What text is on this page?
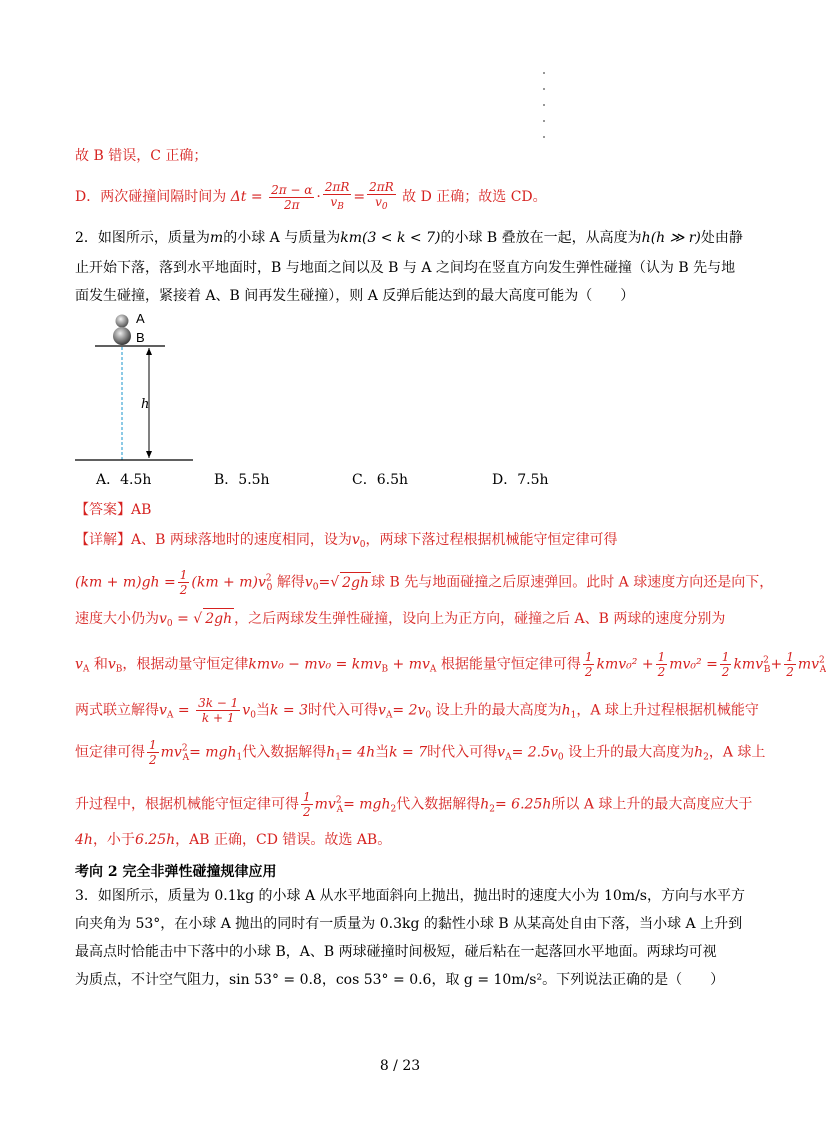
故 B 错误，C 正确；
D．两次碰撞间隔时间为 $\Delta t = \frac{2\pi - \alpha}{2\pi} \cdot \frac{2\pi R}{v_B} = \frac{2\pi R}{v_0}$ 故 D 正确；故选 CD。
2．如图所示，质量为m的小球 A 与质量为km(3 < k < 7)的小球 B 叠放在一起，从高度为h(h ≫ r)处由静
止开始下落，落到水平地面时，B 与地面之间以及 B 与 A 之间均在竖直方向发生弹性碰撞（认为 B 先与地
面发生碰撞，紧接着 A、B 间再发生碰撞），则 A 反弹后能达到的最大高度可能为（　　）
A
B
h
A．4.5h	B．5.5h	C．6.5h	D．7.5h
【答案】AB
【详解】A、B 两球落地时的速度相同，设为$v_0$，两球下落过程根据机械能守恒定律可得
$(km + m)gh = \frac{1}{2} (km + m)v^2_0$ 解得$v_0=√$ 2gh 球 B 先与地面碰撞之后原速弹回。此时 A 球速度方向还是向下，
速度大小仍为$v_0$ = √ 2gh ，之后两球发生弹性碰撞，设向上为正方向，碰撞之后 A、B 两球的速度分别为
$v_A$ 和$v_B$，根据动量守恒定律$kmv_0 - mv_0 = kmv_B + mv_A$ 根据能量守恒定律可得 $\frac{1}{2} kmv_0^2 + \frac{1}{2} mv_0^2 = \frac{1}{2} kmv^2_B+ \frac{1}{2} mv^2_A$
两式联立解得$v_A = \frac{3k - 1}{k + 1} v_0$当k = 3时代入可得$v_A= 2v_0$ 设上升的最大高度为$h_1$，A 球上升过程根据机械能守
恒定律可得 $\frac{1}{2} mv^2_A= mgh_1$代入数据解得$h_1= 4h$当k = 7时代入可得$v_A= 2.5v_0$ 设上升的最大高度为$h_2$，A 球上
升过程中，根据机械能守恒定律可得 $\frac{1}{2} mv^2_A= mgh_2$代入数据解得$h_2= 6.25h$所以 A 球上升的最大高度应大于
4h，小于6.25h，AB 正确，CD 错误。故选 AB。
考向 2 完全非弹性碰撞规律应用
3．如图所示，质量为 0.1kg 的小球 A 从水平地面斜向上抛出，抛出时的速度大小为 10m/s，方向与水平方
向夹角为 53°，在小球 A 抛出的同时有一质量为 0.3kg 的黏性小球 B 从某高处自由下落，当小球 A 上升到
最高点时恰能击中下落中的小球 B，A、B 两球碰撞时间极短，碰后粘在一起落回水平地面。两球均可视
为质点，不计空气阻力，sin 53° = 0.8，cos 53° = 0.6，取 g = 10m/s²。下列说法正确的是（　　）
8 / 23
